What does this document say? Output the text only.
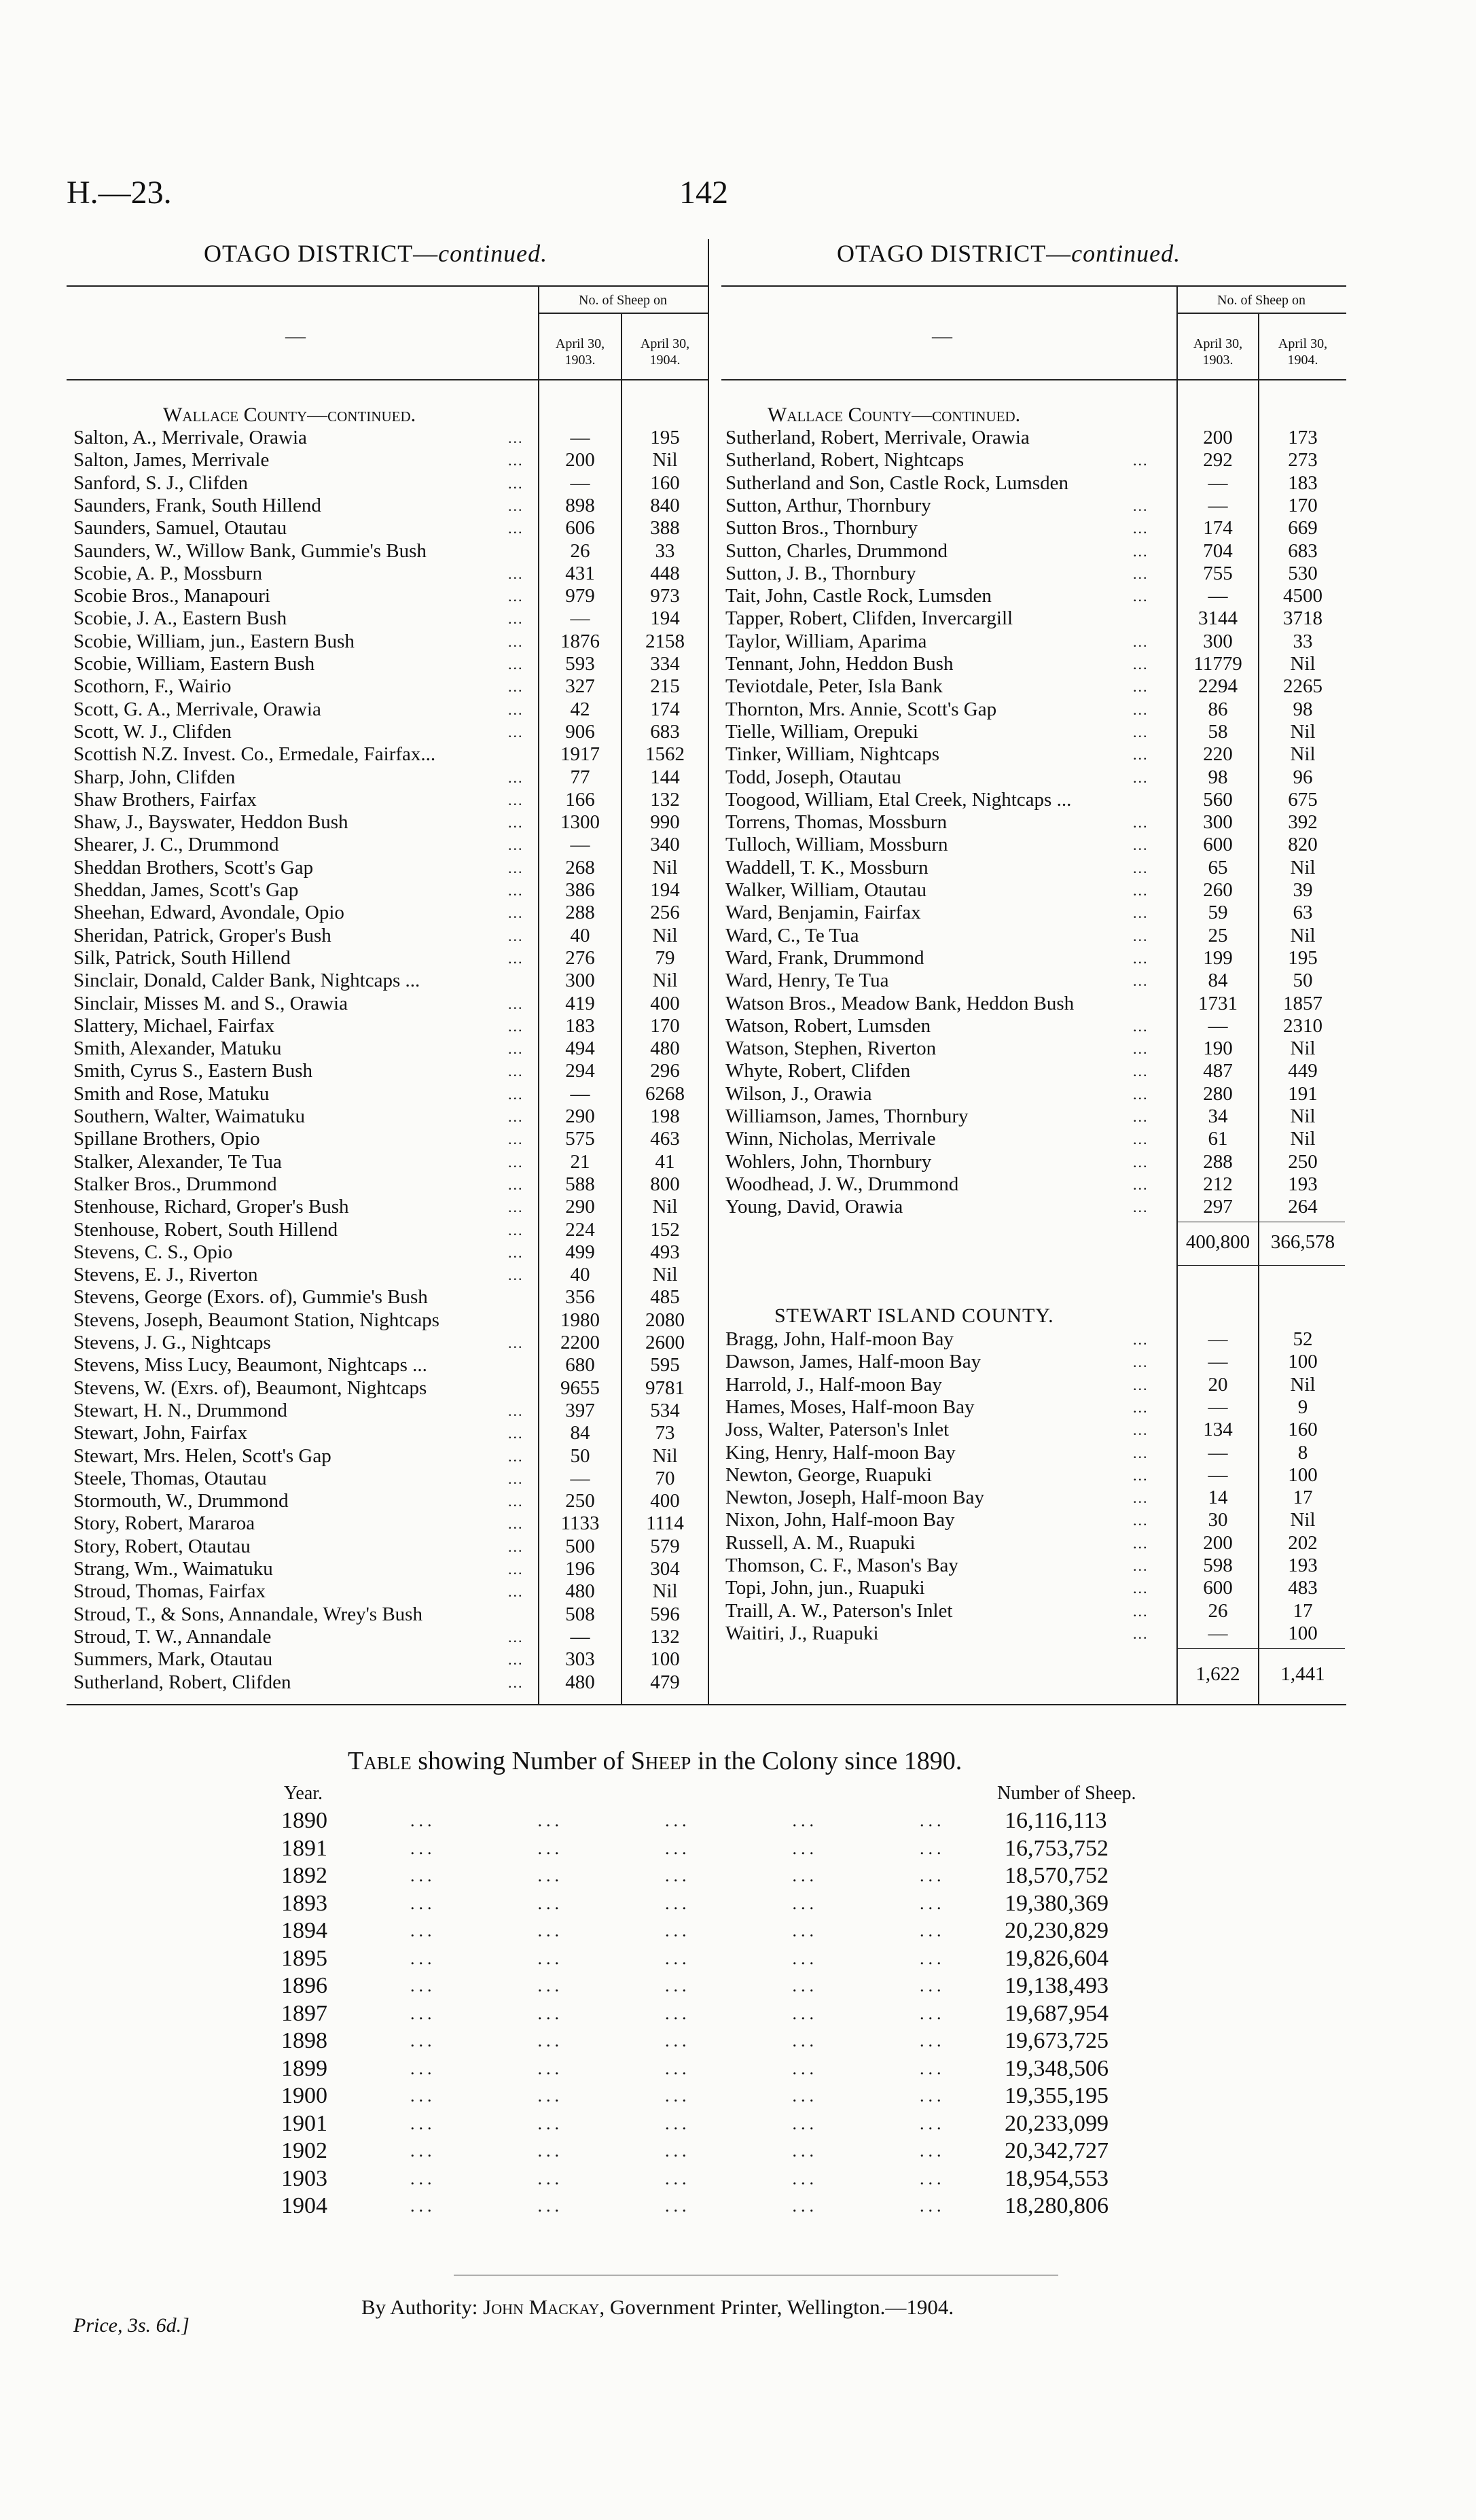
H.—23.	142
OTAGO DISTRICT—continued.	OTAGO DISTRICT—continued.
—	—
No. of Sheep on	No. of Sheep on
April 30,
1903.
April 30,
1904.
April 30,
1903.
April 30,
1904.
Wallace County—continued.	Wallace County—continued.
Salton, A., Merrivale, Orawia	...	—	195
Salton, James, Merrivale	...	200	Nil
Sanford, S. J., Clifden	...	—	160
Saunders, Frank, South Hillend	...	898	840
Saunders, Samuel, Otautau	...	606	388
Saunders, W., Willow Bank, Gummie's Bush	26	33
Scobie, A. P., Mossburn	...	431	448
Scobie Bros., Manapouri	...	979	973
Scobie, J. A., Eastern Bush	...	—	194
Scobie, William, jun., Eastern Bush	...	1876	2158
Scobie, William, Eastern Bush	...	593	334
Scothorn, F., Wairio	...	327	215
Scott, G. A., Merrivale, Orawia	...	42	174
Scott, W. J., Clifden	...	906	683
Scottish N.Z. Invest. Co., Ermedale, Fairfax...	1917	1562
Sharp, John, Clifden	...	77	144
Shaw Brothers, Fairfax	...	166	132
Shaw, J., Bayswater, Heddon Bush	...	1300	990
Shearer, J. C., Drummond	...	—	340
Sheddan Brothers, Scott's Gap	...	268	Nil
Sheddan, James, Scott's Gap	...	386	194
Sheehan, Edward, Avondale, Opio	...	288	256
Sheridan, Patrick, Groper's Bush	...	40	Nil
Silk, Patrick, South Hillend	...	276	79
Sinclair, Donald, Calder Bank, Nightcaps ...	300	Nil
Sinclair, Misses M. and S., Orawia	...	419	400
Slattery, Michael, Fairfax	...	183	170
Smith, Alexander, Matuku	...	494	480
Smith, Cyrus S., Eastern Bush	...	294	296
Smith and Rose, Matuku	...	—	6268
Southern, Walter, Waimatuku	...	290	198
Spillane Brothers, Opio	...	575	463
Stalker, Alexander, Te Tua	...	21	41
Stalker Bros., Drummond	...	588	800
Stenhouse, Richard, Groper's Bush	...	290	Nil
Stenhouse, Robert, South Hillend	...	224	152
Stevens, C. S., Opio	...	499	493
Stevens, E. J., Riverton	...	40	Nil
Stevens, George (Exors. of), Gummie's Bush	356	485
Stevens, Joseph, Beaumont Station, Nightcaps	1980	2080
Stevens, J. G., Nightcaps	...	2200	2600
Stevens, Miss Lucy, Beaumont, Nightcaps ...	680	595
Stevens, W. (Exrs. of), Beaumont, Nightcaps	9655	9781
Stewart, H. N., Drummond	...	397	534
Stewart, John, Fairfax	...	84	73
Stewart, Mrs. Helen, Scott's Gap	...	50	Nil
Steele, Thomas, Otautau	...	—	70
Stormouth, W., Drummond	...	250	400
Story, Robert, Mararoa	...	1133	1114
Story, Robert, Otautau	...	500	579
Strang, Wm., Waimatuku	...	196	304
Stroud, Thomas, Fairfax	...	480	Nil
Stroud, T., & Sons, Annandale, Wrey's Bush	508	596
Stroud, T. W., Annandale	...	—	132
Summers, Mark, Otautau	...	303	100
Sutherland, Robert, Clifden	...	480	479
Sutherland, Robert, Merrivale, Orawia	200	173
Sutherland, Robert, Nightcaps	...	292	273
Sutherland and Son, Castle Rock, Lumsden	—	183
Sutton, Arthur, Thornbury	...	—	170
Sutton Bros., Thornbury	...	174	669
Sutton, Charles, Drummond	...	704	683
Sutton, J. B., Thornbury	...	755	530
Tait, John, Castle Rock, Lumsden	...	—	4500
Tapper, Robert, Clifden, Invercargill	3144	3718
Taylor, William, Aparima	...	300	33
Tennant, John, Heddon Bush	...	11779	Nil
Teviotdale, Peter, Isla Bank	...	2294	2265
Thornton, Mrs. Annie, Scott's Gap	...	86	98
Tielle, William, Orepuki	...	58	Nil
Tinker, William, Nightcaps	...	220	Nil
Todd, Joseph, Otautau	...	98	96
Toogood, William, Etal Creek, Nightcaps ...	560	675
Torrens, Thomas, Mossburn	...	300	392
Tulloch, William, Mossburn	...	600	820
Waddell, T. K., Mossburn	...	65	Nil
Walker, William, Otautau	...	260	39
Ward, Benjamin, Fairfax	...	59	63
Ward, C., Te Tua	...	25	Nil
Ward, Frank, Drummond	...	199	195
Ward, Henry, Te Tua	...	84	50
Watson Bros., Meadow Bank, Heddon Bush	1731	1857
Watson, Robert, Lumsden	...	—	2310
Watson, Stephen, Riverton	...	190	Nil
Whyte, Robert, Clifden	...	487	449
Wilson, J., Orawia	...	280	191
Williamson, James, Thornbury	...	34	Nil
Winn, Nicholas, Merrivale	...	61	Nil
Wohlers, John, Thornbury	...	288	250
Woodhead, J. W., Drummond	...	212	193
Young, David, Orawia	...	297	264
400,800	366,578
STEWART ISLAND COUNTY.
Bragg, John, Half-moon Bay	...	—	52
Dawson, James, Half-moon Bay	...	—	100
Harrold, J., Half-moon Bay	...	20	Nil
Hames, Moses, Half-moon Bay	...	—	9
Joss, Walter, Paterson's Inlet	...	134	160
King, Henry, Half-moon Bay	...	—	8
Newton, George, Ruapuki	...	—	100
Newton, Joseph, Half-moon Bay	...	14	17
Nixon, John, Half-moon Bay	...	30	Nil
Russell, A. M., Ruapuki	...	200	202
Thomson, C. F., Mason's Bay	...	598	193
Topi, John, jun., Ruapuki	...	600	483
Traill, A. W., Paterson's Inlet	...	26	17
Waitiri, J., Ruapuki	...	—	100
1,622	1,441
Table showing Number of Sheep in the Colony since 1890.
Year.	Number of Sheep.
1890	...            ...            ...            ...            ...	16,116,113
1891	...            ...            ...            ...            ...	16,753,752
1892	...            ...            ...            ...            ...	18,570,752
1893	...            ...            ...            ...            ...	19,380,369
1894	...            ...            ...            ...            ...	20,230,829
1895	...            ...            ...            ...            ...	19,826,604
1896	...            ...            ...            ...            ...	19,138,493
1897	...            ...            ...            ...            ...	19,687,954
1898	...            ...            ...            ...            ...	19,673,725
1899	...            ...            ...            ...            ...	19,348,506
1900	...            ...            ...            ...            ...	19,355,195
1901	...            ...            ...            ...            ...	20,233,099
1902	...            ...            ...            ...            ...	20,342,727
1903	...            ...            ...            ...            ...	18,954,553
1904	...            ...            ...            ...            ...	18,280,806
By Authority: John Mackay, Government Printer, Wellington.—1904.
Price, 3s. 6d.]
